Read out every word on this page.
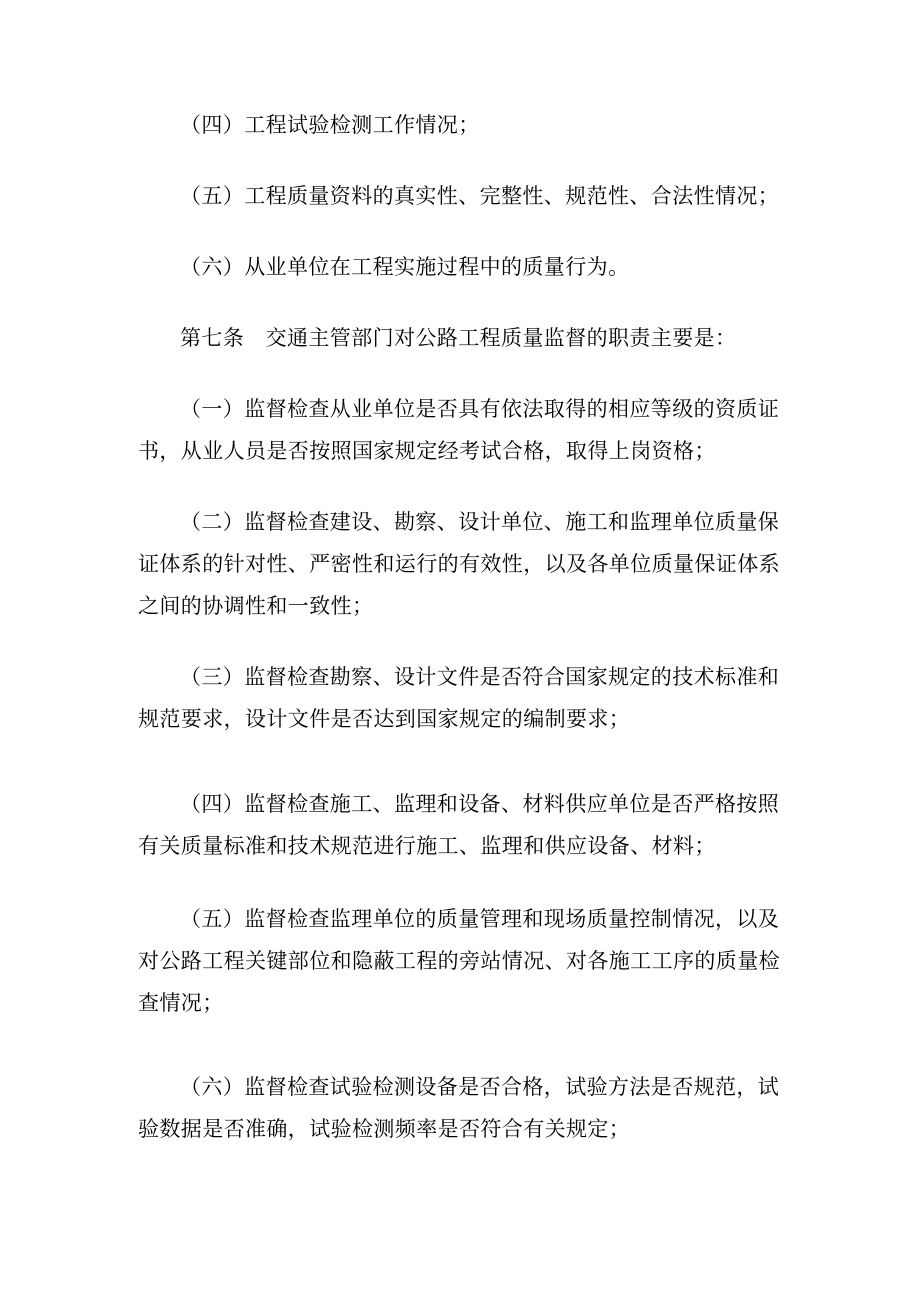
（四）工程试验检测工作情况；

（五）工程质量资料的真实性、完整性、规范性、合法性情况；

（六）从业单位在工程实施过程中的质量行为。

第七条　交通主管部门对公路工程质量监督的职责主要是：

（一）监督检查从业单位是否具有依法取得的相应等级的资质证书，从业人员是否按照国家规定经考试合格，取得上岗资格；

（二）监督检查建设、勘察、设计单位、施工和监理单位质量保证体系的针对性、严密性和运行的有效性，以及各单位质量保证体系之间的协调性和一致性；

（三）监督检查勘察、设计文件是否符合国家规定的技术标准和规范要求，设计文件是否达到国家规定的编制要求；

（四）监督检查施工、监理和设备、材料供应单位是否严格按照有关质量标准和技术规范进行施工、监理和供应设备、材料；

（五）监督检查监理单位的质量管理和现场质量控制情况，以及对公路工程关键部位和隐蔽工程的旁站情况、对各施工工序的质量检查情况；

（六）监督检查试验检测设备是否合格，试验方法是否规范，试验数据是否准确，试验检测频率是否符合有关规定；
